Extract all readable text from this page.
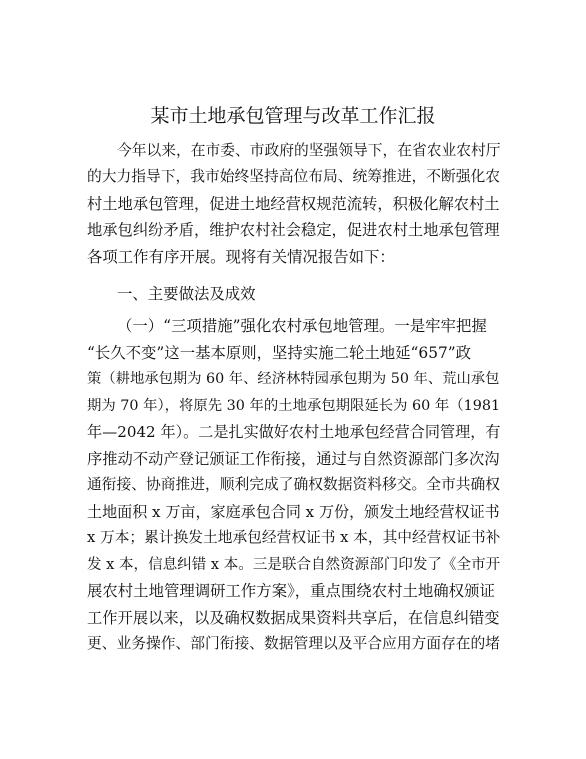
某市土地承包管理与改革工作汇报
今年以来，在市委、市政府的坚强领导下，在省农业农村厅
的大力指导下，我市始终坚持高位布局、统筹推进，不断强化农
村土地承包管理，促进土地经营权规范流转，积极化解农村土
地承包纠纷矛盾，维护农村社会稳定，促进农村土地承包管理
各项工作有序开展。现将有关情况报告如下：
一、主要做法及成效
（一）“三项措施”强化农村承包地管理。一是牢牢把握
“长久不变”这一基本原则，坚持实施二轮土地延“657”政
策（耕地承包期为 60 年、经济林特园承包期为 50 年、荒山承包
期为 70 年），将原先 30 年的土地承包期限延长为 60 年（1981
年—2042 年）。二是扎实做好农村土地承包经营合同管理，有
序推动不动产登记颁证工作衔接，通过与自然资源部门多次沟
通衔接、协商推进，顺利完成了确权数据资料移交。全市共确权
土地面积 x 万亩，家庭承包合同 x 万份，颁发土地经营权证书
x 万本；累计换发土地承包经营权证书 x 本，其中经营权证书补
发 x 本，信息纠错 x 本。三是联合自然资源部门印发了《全市开
展农村土地管理调研工作方案》，重点围绕农村土地确权颁证
工作开展以来，以及确权数据成果资料共享后，在信息纠错变
更、业务操作、部门衔接、数据管理以及平合应用方面存在的堵
